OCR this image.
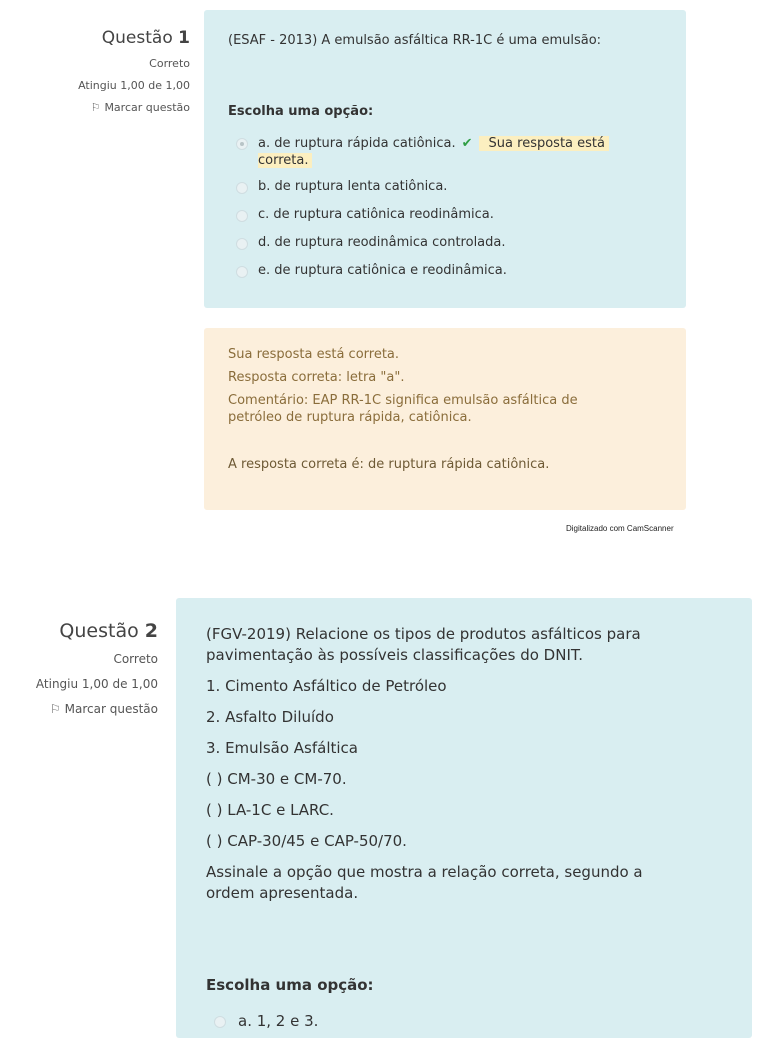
Questão 1
Correto
Atingiu 1,00 de 1,00
⚐ Marcar questão
(ESAF - 2013) A emulsão asfáltica RR-1C é uma emulsão:
Escolha uma opção:
a. de ruptura rápida catiônica. ✔ Sua resposta está
correta.
b. de ruptura lenta catiônica.
c. de ruptura catiônica reodinâmica.
d. de ruptura reodinâmica controlada.
e. de ruptura catiônica e reodinâmica.
Sua resposta está correta.
Resposta correta: letra "a".
Comentário: EAP RR-1C significa emulsão asfáltica de
petróleo de ruptura rápida, catiônica.
A resposta correta é: de ruptura rápida catiônica.
Digitalizado com CamScanner
Questão 2
Correto
Atingiu 1,00 de 1,00
⚐ Marcar questão
(FGV-2019) Relacione os tipos de produtos asfálticos para
pavimentação às possíveis classificações do DNIT.
1. Cimento Asfáltico de Petróleo
2. Asfalto Diluído
3. Emulsão Asfáltica
( ) CM-30 e CM-70.
( ) LA-1C e LARC.
( ) CAP-30/45 e CAP-50/70.
Assinale a opção que mostra a relação correta, segundo a
ordem apresentada.
Escolha uma opção:
a. 1, 2 e 3.
